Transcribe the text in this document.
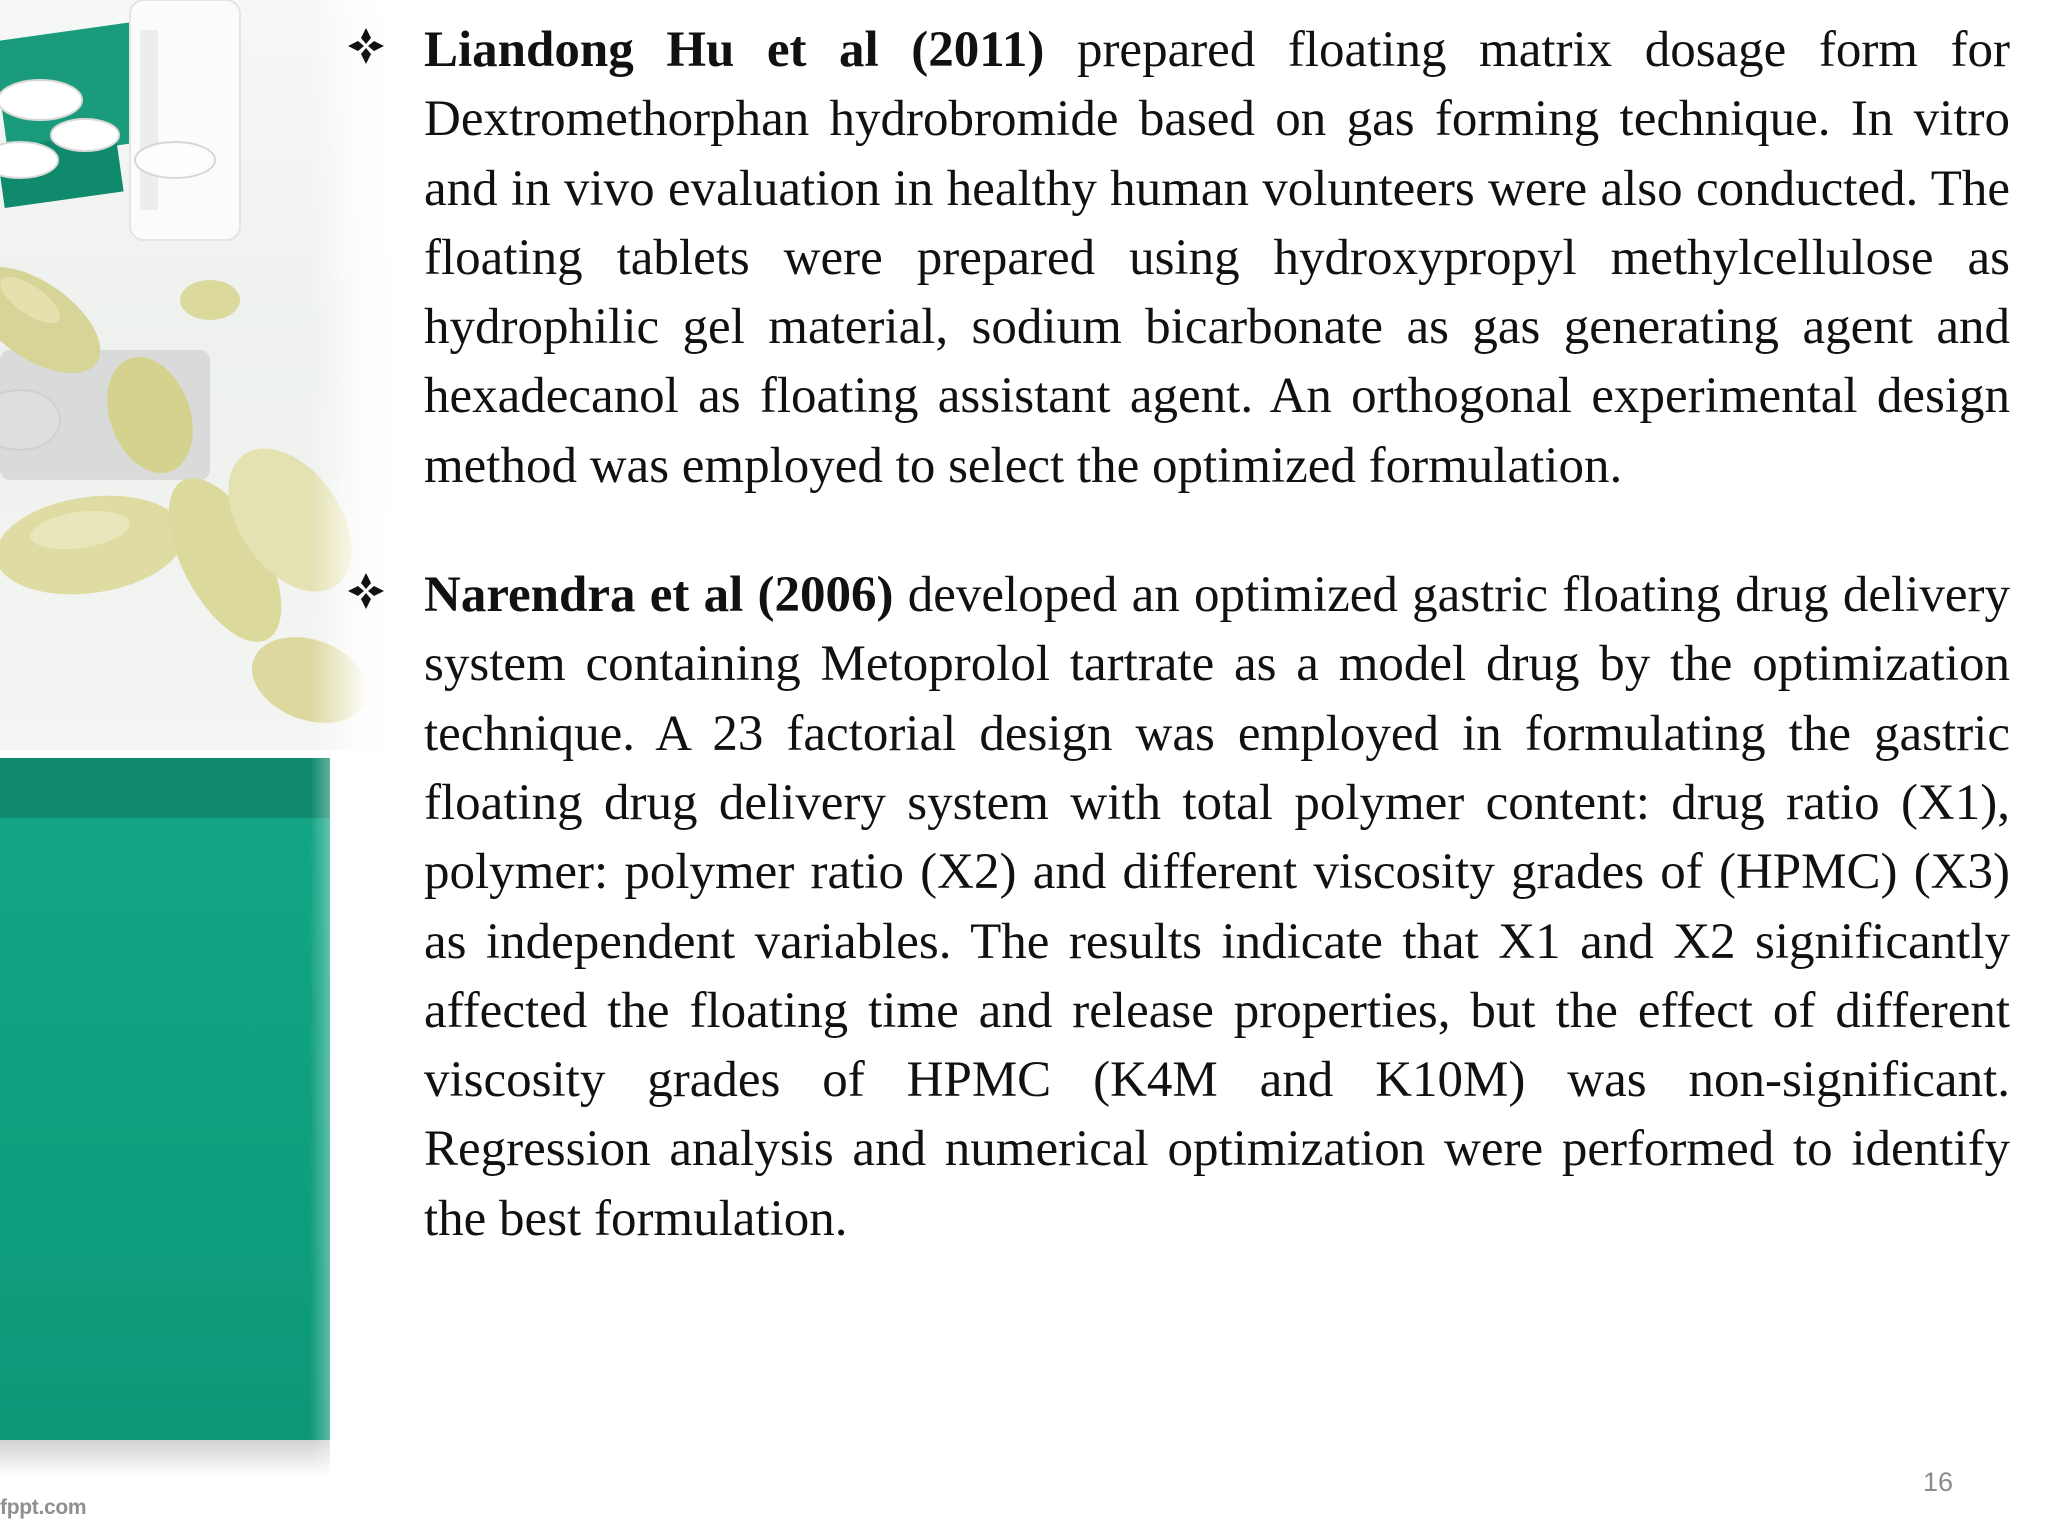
fppt.com

Liandong Hu et al (2011) prepared floating matrix dosage form for Dextromethorphan hydrobromide based on gas forming technique. In vitro and in vivo evaluation in healthy human volunteers were also conducted. The floating tablets were prepared using hydroxypropyl methylcellulose as hydrophilic gel material, sodium bicarbonate as gas generating agent and hexadecanol as floating assistant agent. An orthogonal experimental design method was employed to select the optimized formulation.

Narendra et al (2006) developed an optimized gastric floating drug delivery system containing Metoprolol tartrate as a model drug by the optimization technique. A 23 factorial design was employed in formulating the gastric floating drug delivery system with total polymer content: drug ratio (X1), polymer: polymer ratio (X2) and different viscosity grades of (HPMC) (X3) as independent variables. The results indicate that X1 and X2 significantly affected the floating time and release properties, but the effect of different viscosity grades of HPMC (K4M and K10M) was non-significant. Regression analysis and numerical optimization were performed to identify the best formulation.

16
